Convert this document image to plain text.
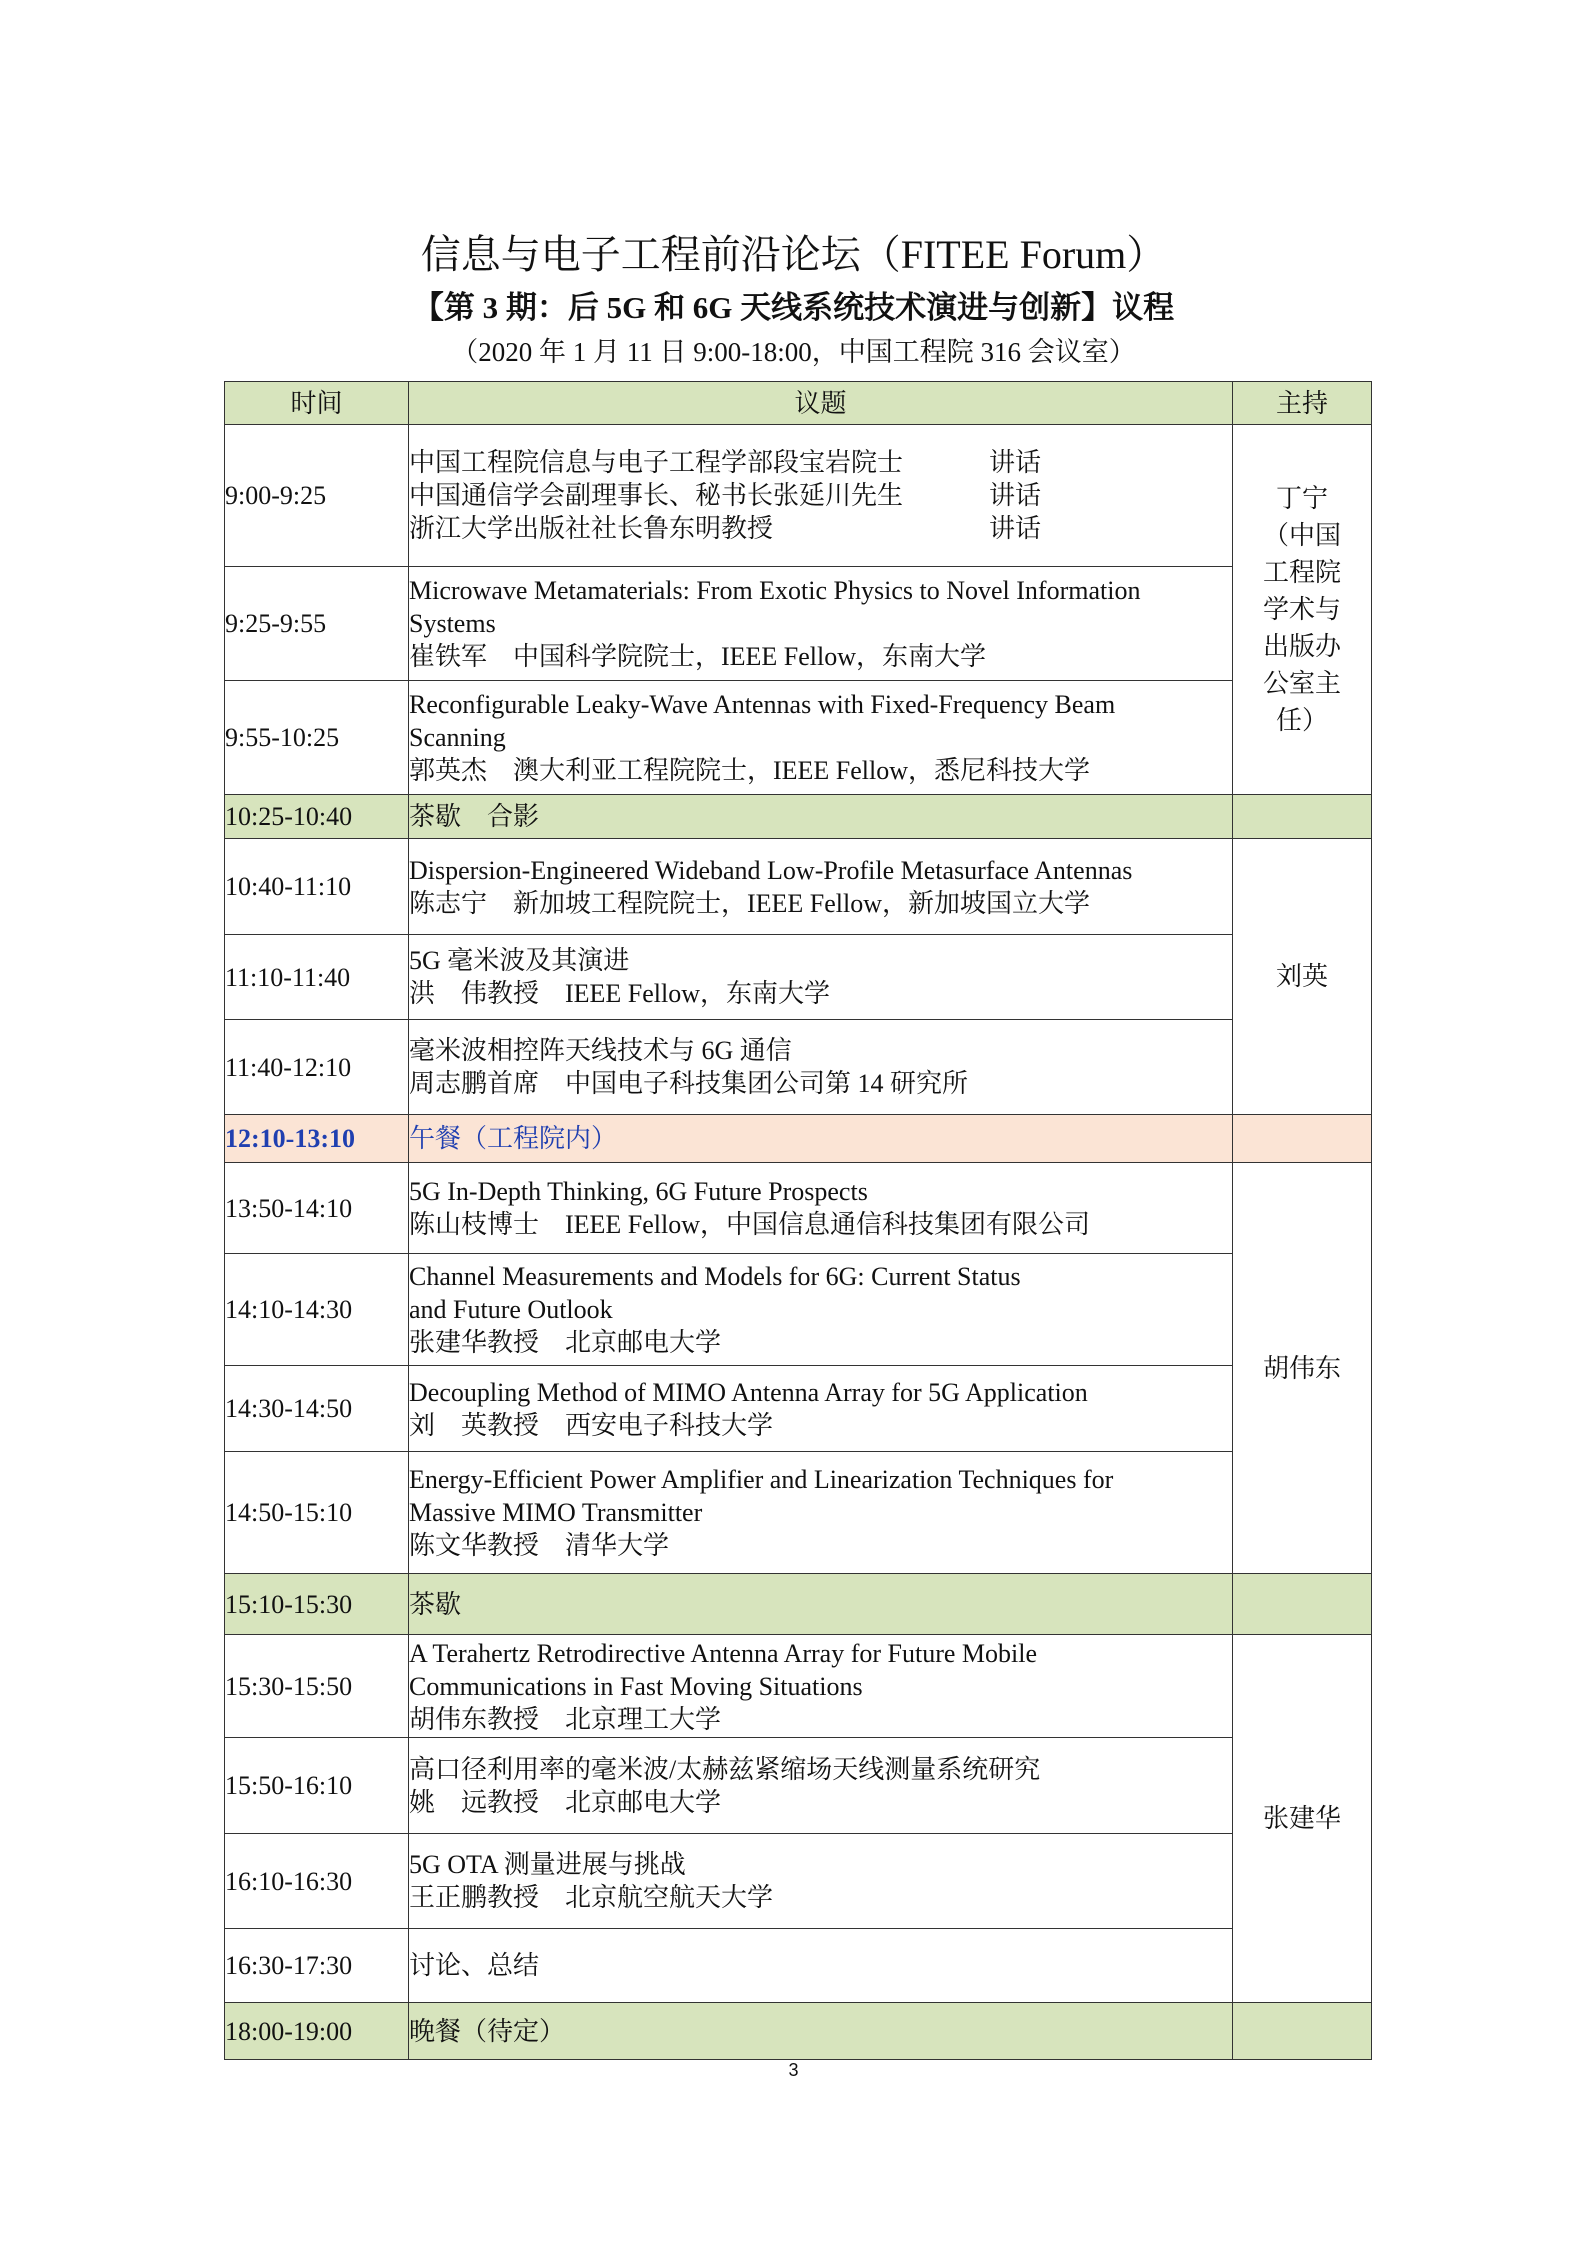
信息与电子工程前沿论坛（FITEE Forum）
【第 3 期：后 5G 和 6G 天线系统技术演进与创新】议程
（2020 年 1 月 11 日 9:00-18:00，中国工程院 316 会议室）
时间	议题	主持
9:00-9:25	中国工程院信息与电子工程学部段宝岩院士 讲话
中国通信学会副理事长、秘书长张延川先生 讲话
浙江大学出版社社长鲁东明教授 讲话	丁宁（中国工程院学术与出版办公室主任）
9:25-9:55	Microwave Metamaterials: From Exotic Physics to Novel Information
Systems
崔铁军　中国科学院院士，IEEE Fellow，东南大学	

9:55-10:25	Reconfigurable Leaky-Wave Antennas with Fixed-Frequency Beam
Scanning
郭英杰　澳大利亚工程院院士，IEEE Fellow，悉尼科技大学	

10:25-10:40	茶歇　合影	
10:40-11:10	Dispersion-Engineered Wideband Low-Profile Metasurface Antennas
陈志宁　新加坡工程院院士，IEEE Fellow，新加坡国立大学	刘英
11:10-11:40	5G 毫米波及其演进
洪　伟教授　IEEE Fellow，东南大学	

11:40-12:10	毫米波相控阵天线技术与 6G 通信
周志鹏首席　中国电子科技集团公司第 14 研究所	

12:10-13:10	午餐（工程院内）	
13:50-14:10	5G In-Depth Thinking, 6G Future Prospects
陈山枝博士　IEEE Fellow，中国信息通信科技集团有限公司	胡伟东
14:10-14:30	Channel Measurements and Models for 6G: Current Status
and Future Outlook
张建华教授　北京邮电大学	

14:30-14:50	Decoupling Method of MIMO Antenna Array for 5G Application
刘　英教授　西安电子科技大学	

14:50-15:10	Energy-Efficient Power Amplifier and Linearization Techniques for
Massive MIMO Transmitter
陈文华教授　清华大学	

15:10-15:30	茶歇	
15:30-15:50	A Terahertz Retrodirective Antenna Array for Future Mobile
Communications in Fast Moving Situations
胡伟东教授　北京理工大学	张建华
15:50-16:10	高口径利用率的毫米波/太赫兹紧缩场天线测量系统研究
姚　远教授　北京邮电大学	

16:10-16:30	5G OTA 测量进展与挑战
王正鹏教授　北京航空航天大学	

16:30-17:30	讨论、总结	
18:00-19:00	晚餐（待定）	
3
